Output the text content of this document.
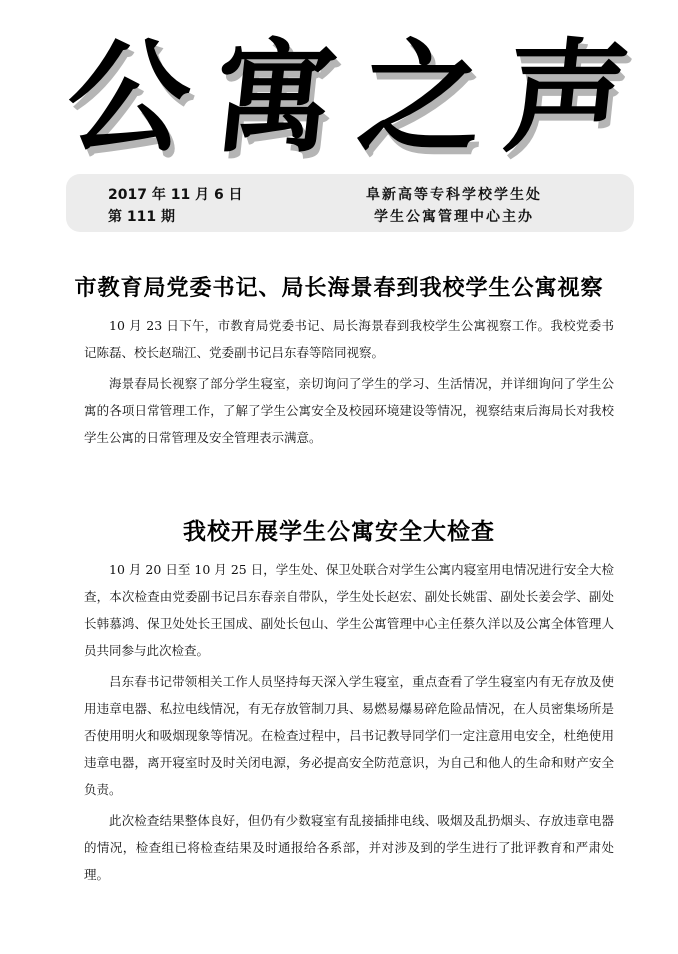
公 寓 之 声
2017 年 11 月 6 日
第 111 期
阜新高等专科学校学生处
学生公寓管理中心主办
市教育局党委书记、局长海景春到我校学生公寓视察

10 月 23 日下午，市教育局党委书记、局长海景春到我校学生公寓视察工作。我校党委书记陈磊、校长赵瑞江、党委副书记吕东春等陪同视察。

海景春局长视察了部分学生寝室，亲切询问了学生的学习、生活情况，并详细询问了学生公寓的各项日常管理工作，了解了学生公寓安全及校园环境建设等情况，视察结束后海局长对我校学生公寓的日常管理及安全管理表示满意。

我校开展学生公寓安全大检查

10 月 20 日至 10 月 25 日，学生处、保卫处联合对学生公寓内寝室用电情况进行安全大检查，本次检查由党委副书记吕东春亲自带队，学生处长赵宏、副处长姚雷、副处长姜会学、副处长韩慕鸿、保卫处处长王国成、副处长包山、学生公寓管理中心主任蔡久洋以及公寓全体管理人员共同参与此次检查。

吕东春书记带领相关工作人员坚持每天深入学生寝室，重点查看了学生寝室内有无存放及使用违章电器、私拉电线情况，有无存放管制刀具、易燃易爆易碎危险品情况，在人员密集场所是否使用明火和吸烟现象等情况。在检查过程中，吕书记教导同学们一定注意用电安全，杜绝使用违章电器，离开寝室时及时关闭电源，务必提高安全防范意识，为自己和他人的生命和财产安全负责。

此次检查结果整体良好，但仍有少数寝室有乱接插排电线、吸烟及乱扔烟头、存放违章电器的情况，检查组已将检查结果及时通报给各系部，并对涉及到的学生进行了批评教育和严肃处理。
